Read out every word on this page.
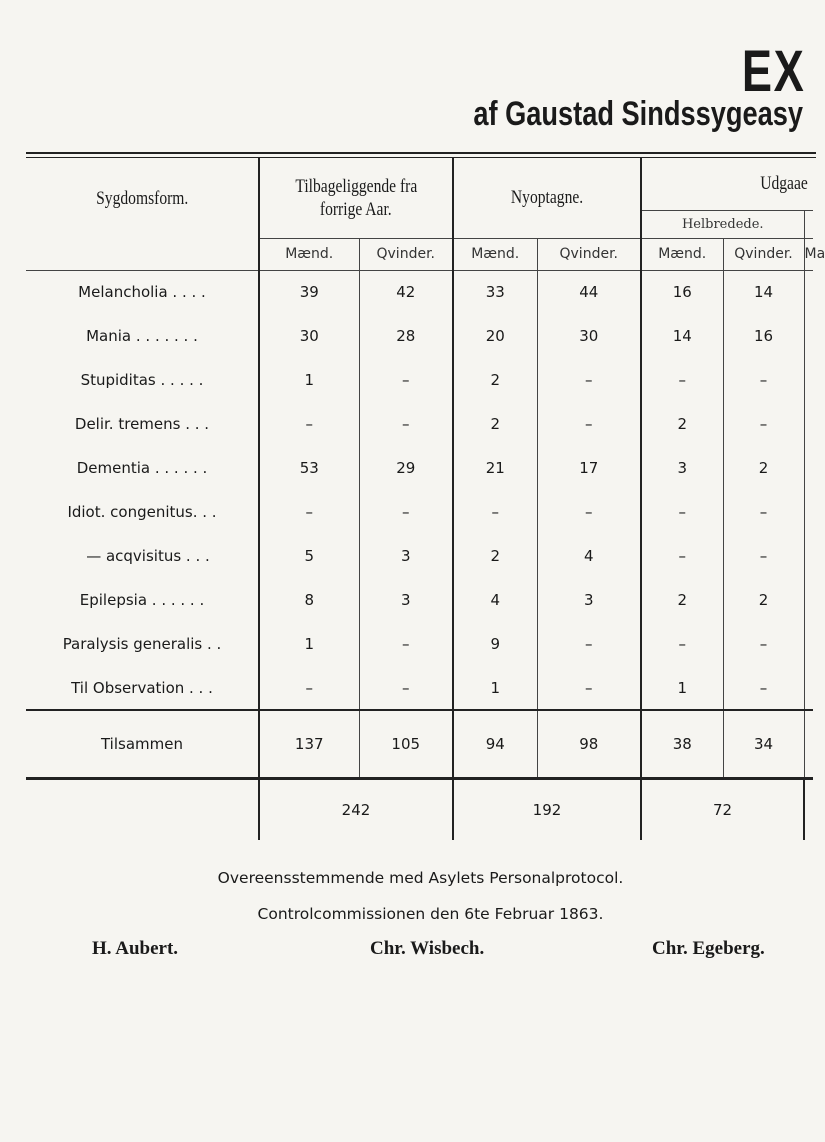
EX
af Gaustad Sindssygeasy
Sygdomsform.	Tilbageliggende fra
forrige Aar.		Nyoptagne.		Udgaae		
					Helbredede.		
	Mænd.	Qvinder.	Mænd.	Qvinder.	Mænd.	Qvinder.	Ma
Melancholia . . . .	39	42	33	44	16	14	
Mania . . . . . . .	30	28	20	30	14	16	
Stupiditas . . . . .	1	–	2	–	–	–	
Delir. tremens . . .	–	–	2	–	2	–	
Dementia . . . . . .	53	29	21	17	3	2	
Idiot. congenitus. . .	–	–	–	–	–	–	
— acqvisitus . . .	5	3	2	4	–	–	
Epilepsia . . . . . .	8	3	4	3	2	2	
Paralysis generalis . .	1	–	9	–	–	–	
Til Observation . . .	–	–	1	–	1	–	
Tilsammen	137	105	94	98	38	34	
	242		192		72		

Overeensstemmende med Asylets Personalprotocol.

Controlcommissionen den 6te Februar 1863.

H. Aubert.	Chr. Wisbech.	Chr. Egeberg.
